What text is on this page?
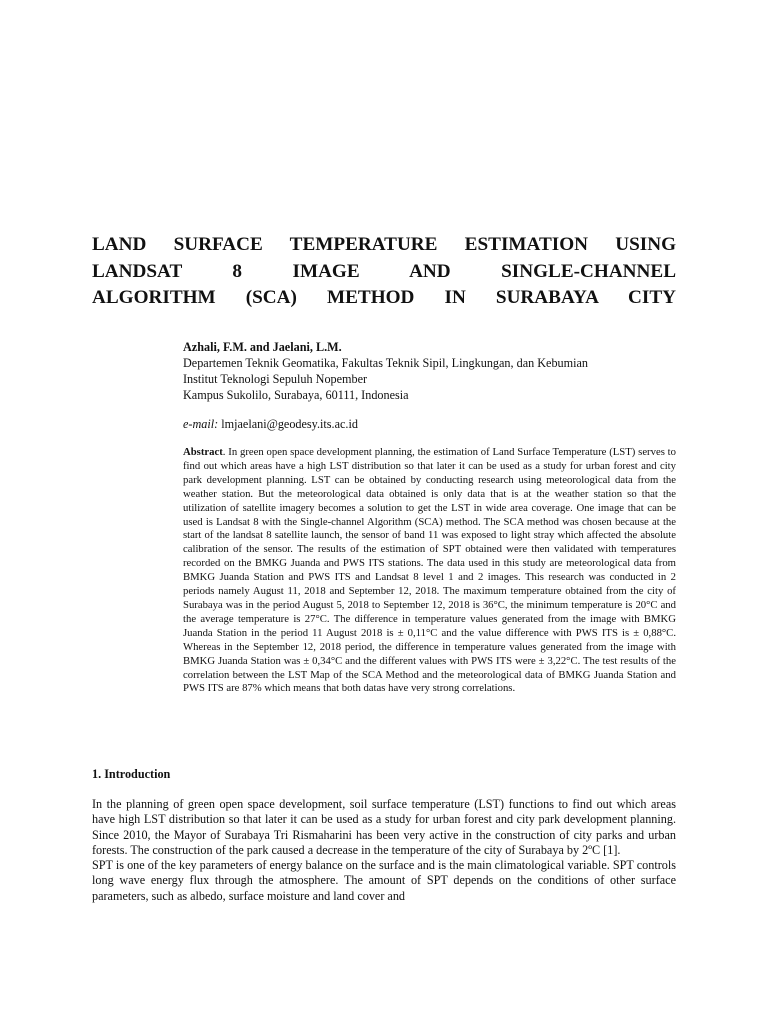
LAND SURFACE TEMPERATURE ESTIMATION USING
LANDSAT 8 IMAGE AND SINGLE-CHANNEL
ALGORITHM (SCA) METHOD IN SURABAYA CITY

Azhali, F.M. and Jaelani, L.M.

Departemen Teknik Geomatika, Fakultas Teknik Sipil, Lingkungan, dan Kebumian
Institut Teknologi Sepuluh Nopember
Kampus Sukolilo, Surabaya, 60111, Indonesia
e-mail: lmjaelani@geodesy.its.ac.id

Abstract. In green open space development planning, the estimation of Land Surface Temperature (LST) serves to find out which areas have a high LST distribution so that later it can be used as a study for urban forest and city park development planning. LST can be obtained by conducting research using meteorological data from the weather station. But the meteorological data obtained is only data that is at the weather station so that the utilization of satellite imagery becomes a solution to get the LST in wide area coverage. One image that can be used is Landsat 8 with the Single-channel Algorithm (SCA) method. The SCA method was chosen because at the start of the landsat 8 satellite launch, the sensor of band 11 was exposed to light stray which affected the absolute calibration of the sensor. The results of the estimation of SPT obtained were then validated with temperatures recorded on the BMKG Juanda and PWS ITS stations. The data used in this study are meteorological data from BMKG Juanda Station and PWS ITS and Landsat 8 level 1 and 2 images. This research was conducted in 2 periods namely August 11, 2018 and September 12, 2018. The maximum temperature obtained from the city of Surabaya was in the period August 5, 2018 to September 12, 2018 is 36°C, the minimum temperature is 20°C and the average temperature is 27°C. The difference in temperature values generated from the image with BMKG Juanda Station in the period 11 August 2018 is ± 0,11°C and the value difference with PWS ITS is ± 0,88°C. Whereas in the September 12, 2018 period, the difference in temperature values generated from the image with BMKG Juanda Station was ± 0,34°C and the different values with PWS ITS were ± 3,22°C. The test results of the correlation between the LST Map of the SCA Method and the meteorological data of BMKG Juanda Station and PWS ITS are 87% which means that both datas have very strong correlations.

1. Introduction

In the planning of green open space development, soil surface temperature (LST) functions to find out which areas have high LST distribution so that later it can be used as a study for urban forest and city park development planning. Since 2010, the Mayor of Surabaya Tri Rismaharini has been very active in the construction of city parks and urban forests. The construction of the park caused a decrease in the temperature of the city of Surabaya by 2ºC [1].

SPT is one of the key parameters of energy balance on the surface and is the main climatological variable. SPT controls long wave energy flux through the atmosphere. The amount of SPT depends on the conditions of other surface parameters, such as albedo, surface moisture and land cover and
